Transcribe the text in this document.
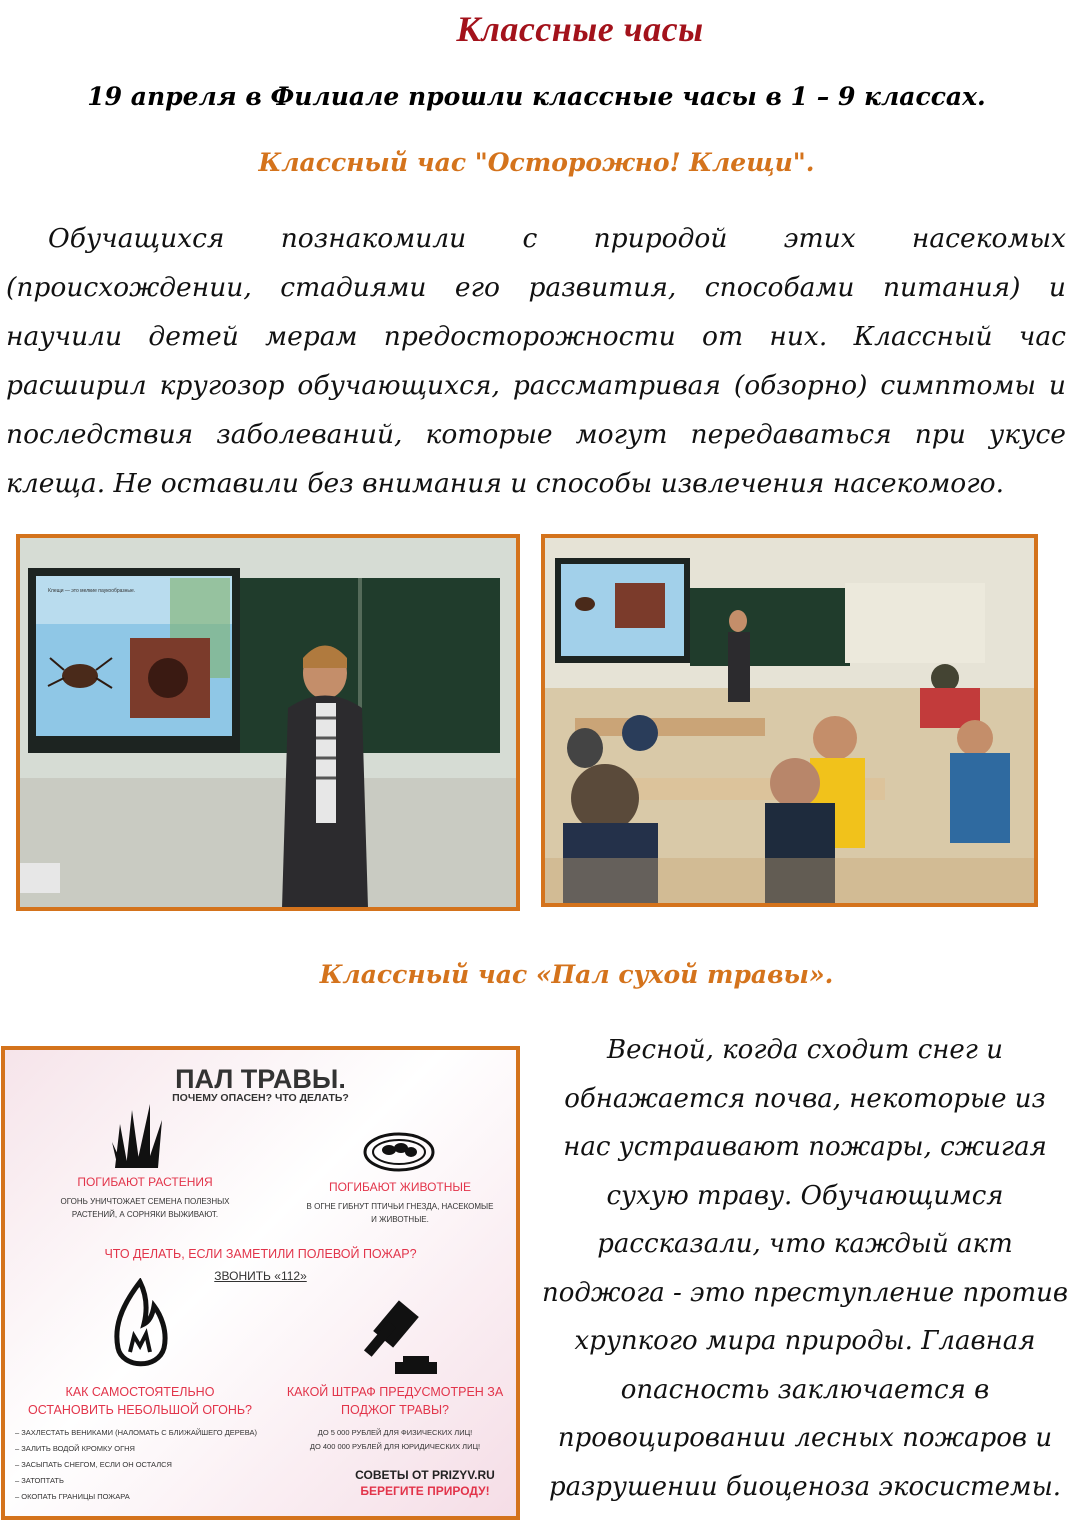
Классные часы
19 апреля в Филиале прошли классные часы в 1 – 9 классах.
Классный час "Осторожно! Клещи".
Обучащихся познакомили с природой этих насекомых (происхождении, стадиями его развития, способами питания) и научили детей мерам предосторожности от них. Классный час расширил кругозор обучающихся, рассматривая (обзорно) симптомы и последствия заболеваний, которые могут передаваться при укусе клеща. Не оставили без внимания и способы извлечения насекомого.
Клещи — это мелкие паукообразные.
Классный час «Пал сухой травы».
ПАЛ ТРАВЫ.
ПОЧЕМУ ОПАСЕН? ЧТО ДЕЛАТЬ?
ПОГИБАЮТ РАСТЕНИЯ
ОГОНЬ УНИЧТОЖАЕТ СЕМЕНА ПОЛЕЗНЫХ РАСТЕНИЙ, А СОРНЯКИ ВЫЖИВАЮТ.
ПОГИБАЮТ ЖИВОТНЫЕ
В ОГНЕ ГИБНУТ ПТИЧЬИ ГНЕЗДА, НАСЕКОМЫЕ И ЖИВОТНЫЕ.
ЧТО ДЕЛАТЬ, ЕСЛИ ЗАМЕТИЛИ ПОЛЕВОЙ ПОЖАР?
ЗВОНИТЬ «112»
КАК САМОСТОЯТЕЛЬНО ОСТАНОВИТЬ НЕБОЛЬШОЙ ОГОНЬ?
– ЗАХЛЕСТАТЬ ВЕНИКАМИ (НАЛОМАТЬ С БЛИЖАЙШЕГО ДЕРЕВА)
– ЗАЛИТЬ ВОДОЙ КРОМКУ ОГНЯ
– ЗАСЫПАТЬ СНЕГОМ, ЕСЛИ ОН ОСТАЛСЯ
– ЗАТОПТАТЬ
– ОКОПАТЬ ГРАНИЦЫ ПОЖАРА
КАКОЙ ШТРАФ ПРЕДУСМОТРЕН ЗА ПОДЖОГ ТРАВЫ?
ДО 5 000 РУБЛЕЙ ДЛЯ ФИЗИЧЕСКИХ ЛИЦ!
ДО 400 000 РУБЛЕЙ ДЛЯ ЮРИДИЧЕСКИХ ЛИЦ!
СОВЕТЫ ОТ PRIZYV.RU
БЕРЕГИТЕ ПРИРОДУ!
Весной, когда сходит снег и обнажается почва, некоторые из нас устраивают пожары, сжигая сухую траву. Обучающимся рассказали, что каждый акт поджога - это преступление против хрупкого мира природы. Главная опасность заключается в провоцировании лесных пожаров и разрушении биоценоза экосистемы.
